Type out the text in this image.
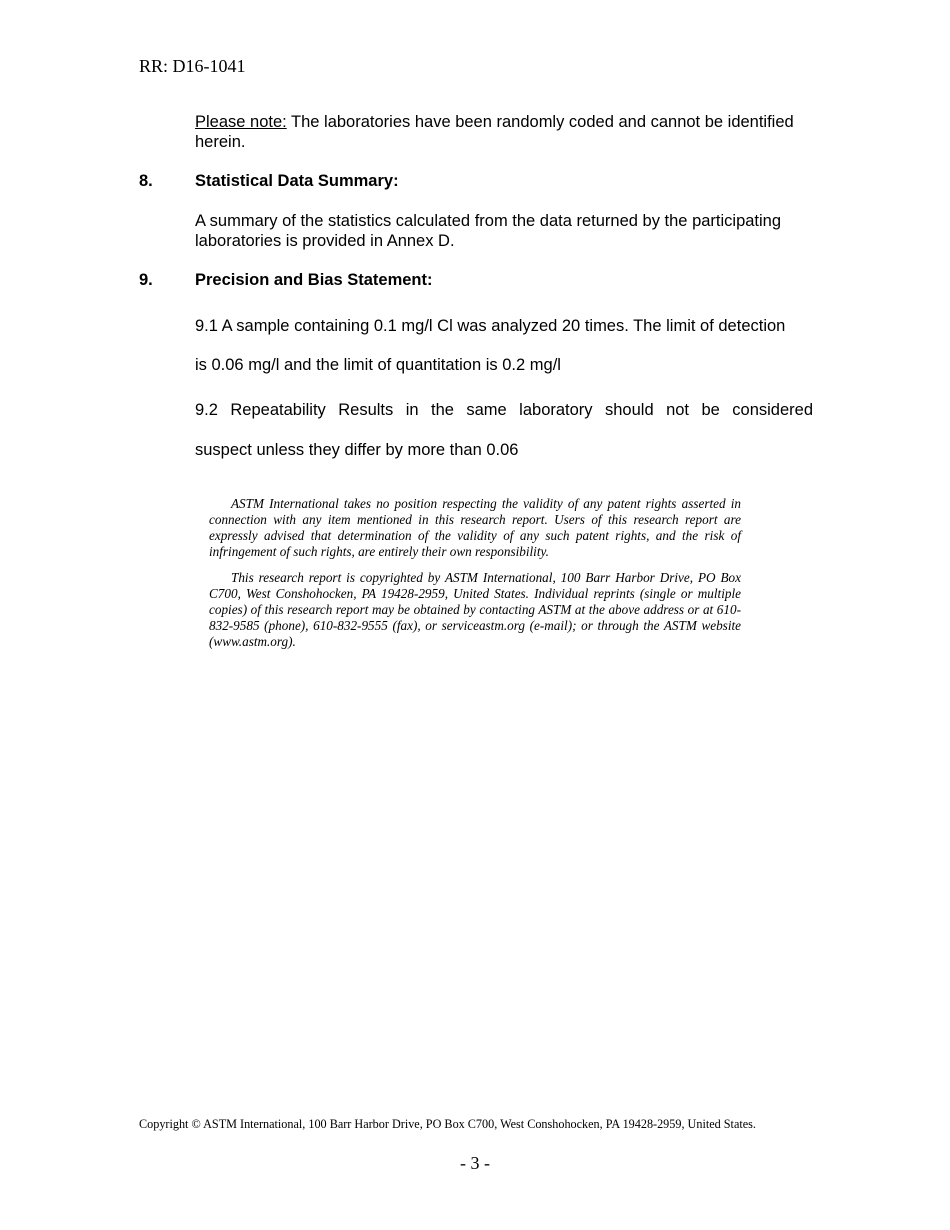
RR: D16-1041
Please note: The laboratories have been randomly coded and cannot be identified herein.
8.	Statistical Data Summary:
A summary of the statistics calculated from the data returned by the participating laboratories is provided in Annex D.
9.	Precision and Bias Statement:
9.1 A sample containing 0.1 mg/l Cl was analyzed 20 times. The limit of detection
is 0.06 mg/l and the limit of quantitation is 0.2 mg/l
9.2 Repeatability Results in the same laboratory should not be considered
suspect unless they differ by more than 0.06

ASTM International takes no position respecting the validity of any patent rights asserted in connection with any item mentioned in this research report. Users of this research report are expressly advised that determination of the validity of any such patent rights, and the risk of infringement of such rights, are entirely their own responsibility.

This research report is copyrighted by ASTM International, 100 Barr Harbor Drive, PO Box C700, West Conshohocken, PA 19428-2959, United States. Individual reprints (single or multiple copies) of this research report may be obtained by contacting ASTM at the above address or at 610-832-9585 (phone), 610-832-9555 (fax), or serviceastm.org (e-mail); or through the ASTM website (www.astm.org).

Copyright © ASTM International, 100 Barr Harbor Drive, PO Box C700, West Conshohocken, PA 19428-2959, United States.
- 3 -
